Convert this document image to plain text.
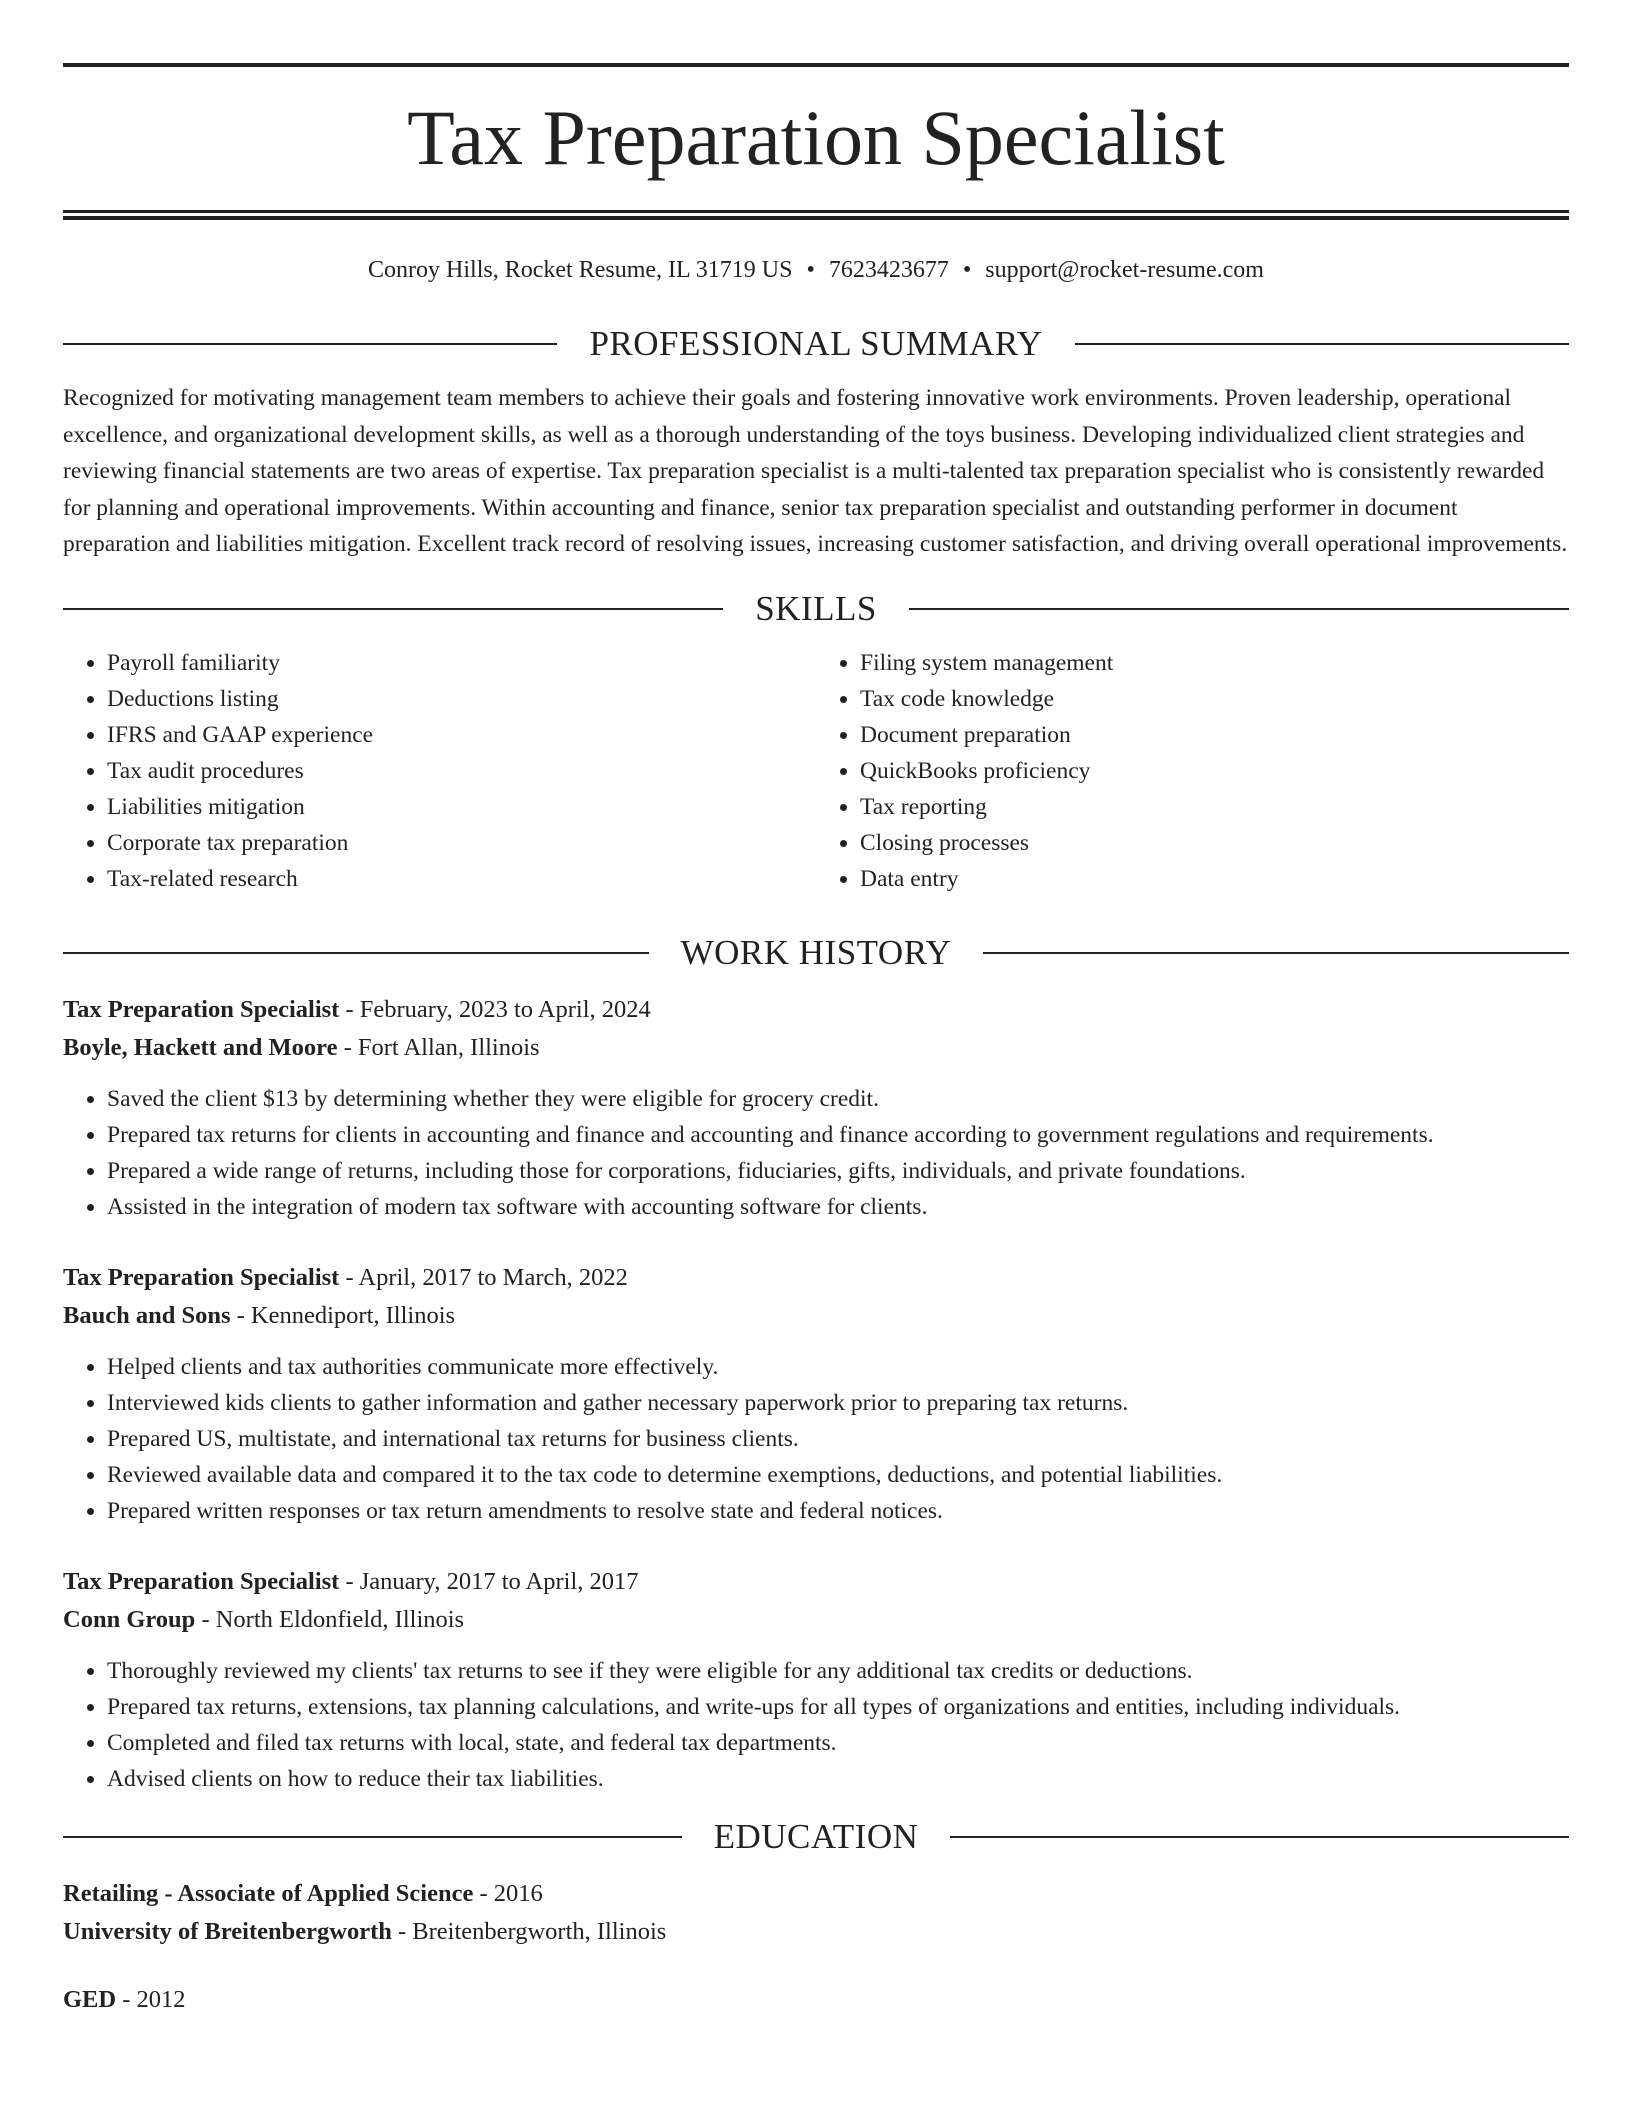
Tax Preparation Specialist
Conroy Hills, Rocket Resume, IL 31719 US • 7623423677 • support@rocket-resume.com
PROFESSIONAL SUMMARY

Recognized for motivating management team members to achieve their goals and fostering innovative work environments. Proven leadership, operational excellence, and organizational development skills, as well as a thorough understanding of the toys business. Developing individualized client strategies and reviewing financial statements are two areas of expertise. Tax preparation specialist is a multi-talented tax preparation specialist who is consistently rewarded for planning and operational improvements. Within accounting and finance, senior tax preparation specialist and outstanding performer in document preparation and liabilities mitigation. Excellent track record of resolving issues, increasing customer satisfaction, and driving overall operational improvements.

SKILLS
• Payroll familiarity
• Deductions listing
• IFRS and GAAP experience
• Tax audit procedures
• Liabilities mitigation
• Corporate tax preparation
• Tax-related research
• Filing system management
• Tax code knowledge
• Document preparation
• QuickBooks proficiency
• Tax reporting
• Closing processes
• Data entry
WORK HISTORY
Tax Preparation Specialist - February, 2023 to April, 2024
Boyle, Hackett and Moore - Fort Allan, Illinois
• Saved the client $13 by determining whether they were eligible for grocery credit.
• Prepared tax returns for clients in accounting and finance and accounting and finance according to government regulations and requirements.
• Prepared a wide range of returns, including those for corporations, fiduciaries, gifts, individuals, and private foundations.
• Assisted in the integration of modern tax software with accounting software for clients.
Tax Preparation Specialist - April, 2017 to March, 2022
Bauch and Sons - Kennediport, Illinois
• Helped clients and tax authorities communicate more effectively.
• Interviewed kids clients to gather information and gather necessary paperwork prior to preparing tax returns.
• Prepared US, multistate, and international tax returns for business clients.
• Reviewed available data and compared it to the tax code to determine exemptions, deductions, and potential liabilities.
• Prepared written responses or tax return amendments to resolve state and federal notices.
Tax Preparation Specialist - January, 2017 to April, 2017
Conn Group - North Eldonfield, Illinois
• Thoroughly reviewed my clients' tax returns to see if they were eligible for any additional tax credits or deductions.
• Prepared tax returns, extensions, tax planning calculations, and write-ups for all types of organizations and entities, including individuals.
• Completed and filed tax returns with local, state, and federal tax departments.
• Advised clients on how to reduce their tax liabilities.
EDUCATION
Retailing - Associate of Applied Science - 2016
University of Breitenbergworth - Breitenbergworth, Illinois
GED - 2012
